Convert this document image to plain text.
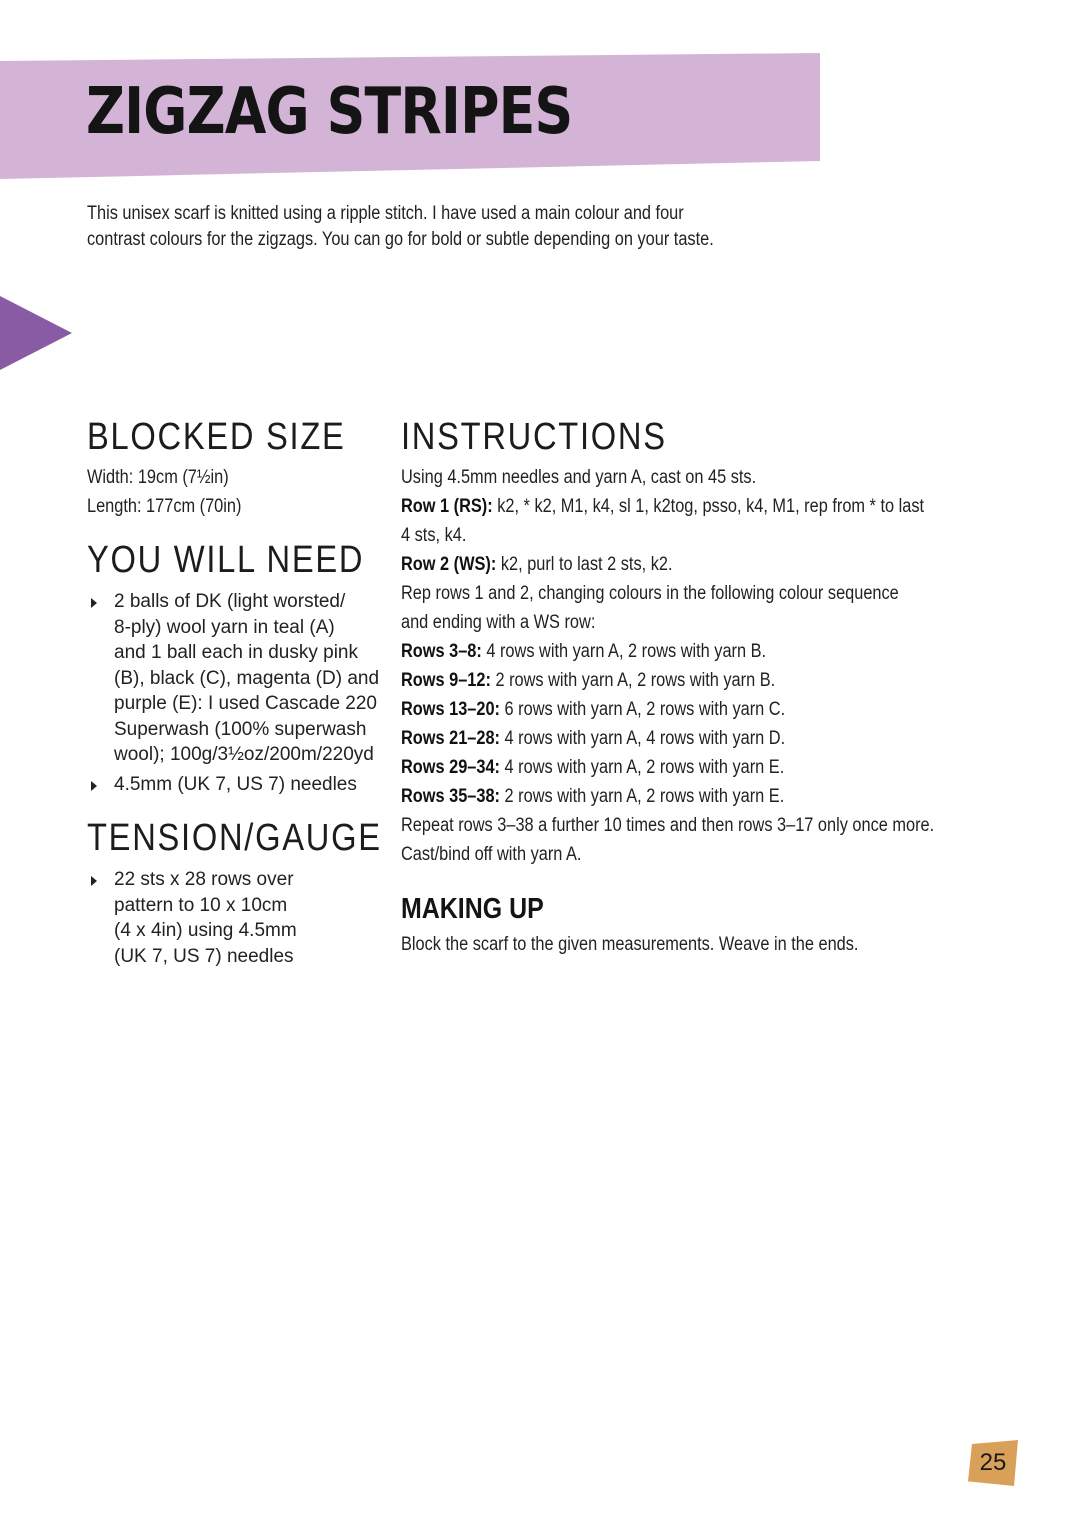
ZIGZAG STRIPES

This unisex scarf is knitted using a ripple stitch. I have used a main colour and four
contrast colours for the zigzags. You can go for bold or subtle depending on your taste.

BLOCKED SIZE
Width: 19cm (7½in)
Length: 177cm (70in)
YOU WILL NEED
2 balls of DK (light worsted/
8-ply) wool yarn in teal (A)
and 1 ball each in dusky pink
(B), black (C), magenta (D) and
purple (E): I used Cascade 220
Superwash (100% superwash
wool); 100g/3½oz/200m/220yd
4.5mm (UK 7, US 7) needles
TENSION/GAUGE
22 sts x 28 rows over
pattern to 10 x 10cm
(4 x 4in) using 4.5mm
(UK 7, US 7) needles
INSTRUCTIONS
Using 4.5mm needles and yarn A, cast on 45 sts.
Row 1 (RS): k2, * k2, M1, k4, sl 1, k2tog, psso, k4, M1, rep from * to last
4 sts, k4.
Row 2 (WS): k2, purl to last 2 sts, k2.
Rep rows 1 and 2, changing colours in the following colour sequence
and ending with a WS row:
Rows 3–8: 4 rows with yarn A, 2 rows with yarn B.
Rows 9–12: 2 rows with yarn A, 2 rows with yarn B.
Rows 13–20: 6 rows with yarn A, 2 rows with yarn C.
Rows 21–28: 4 rows with yarn A, 4 rows with yarn D.
Rows 29–34: 4 rows with yarn A, 2 rows with yarn E.
Rows 35–38: 2 rows with yarn A, 2 rows with yarn E.
Repeat rows 3–38 a further 10 times and then rows 3–17 only once more.
Cast/bind off with yarn A.
MAKING UP
Block the scarf to the given measurements. Weave in the ends.
25
